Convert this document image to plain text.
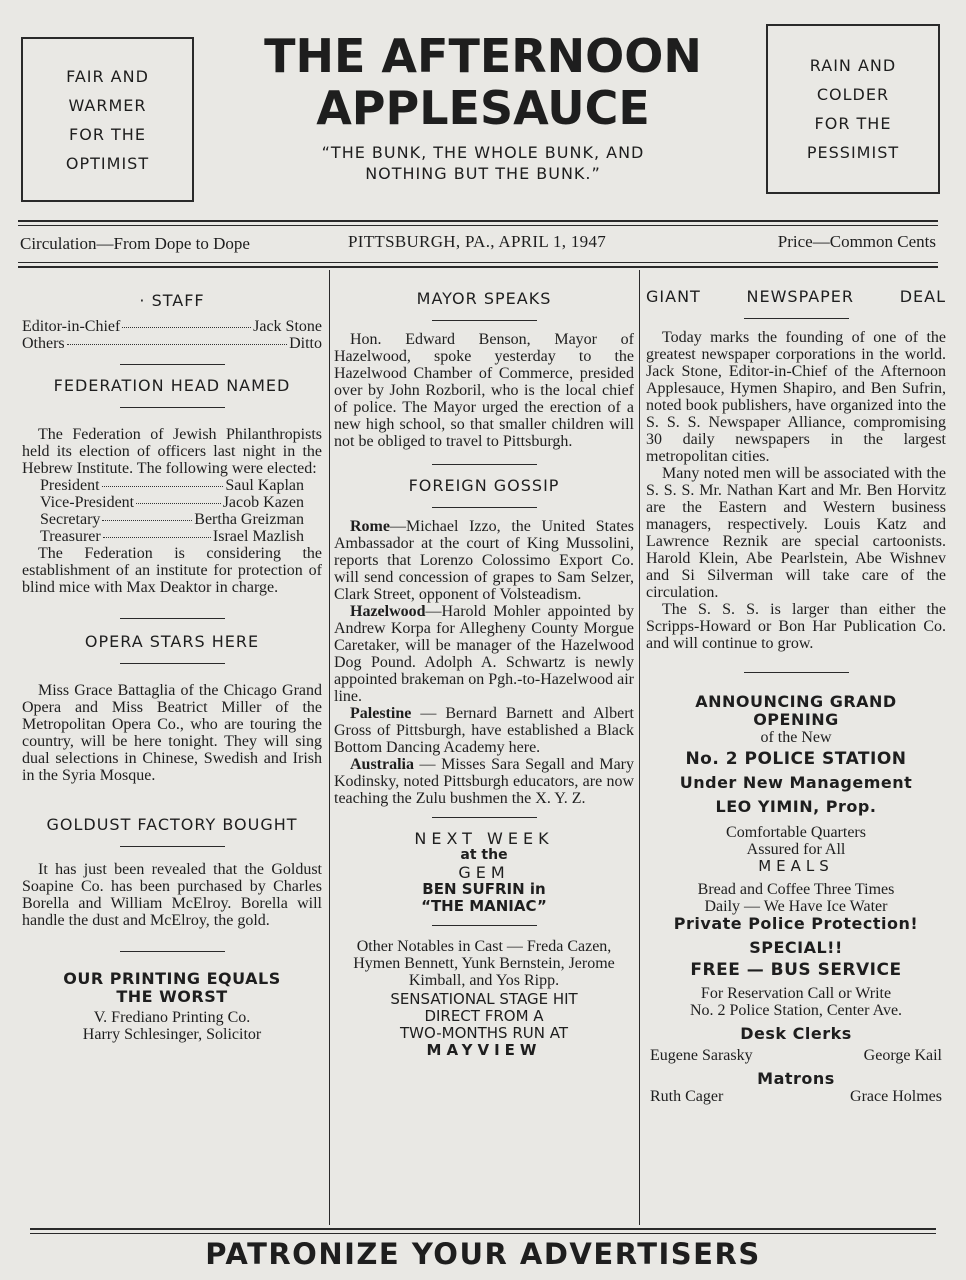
FAIR AND
WARMER
FOR THE
OPTIMIST
RAIN AND
COLDER
FOR THE
PESSIMIST
THE AFTERNOON
APPLESAUCE
“THE BUNK, THE WHOLE BUNK, AND
NOTHING BUT THE BUNK.”
Circulation—From Dope to Dope	PITTSBURGH, PA., APRIL 1, 1947	Price—Common Cents
· STAFF
Editor-in-Chief	Jack Stone
Others	Ditto
FEDERATION HEAD NAMED

The Federation of Jewish Philanthropists held its election of officers last night in the Hebrew Institute. The following were elected:

President	Saul Kaplan
Vice-President	Jacob Kazen
Secretary	Bertha Greizman
Treasurer	Israel Mazlish

The Federation is considering the establishment of an institute for protection of blind mice with Max Deaktor in charge.

OPERA STARS HERE

Miss Grace Battaglia of the Chicago Grand Opera and Miss Beatrict Miller of the Metropolitan Opera Co., who are touring the country, will be here tonight. They will sing dual selections in Chinese, Swedish and Irish in the Syria Mosque.

GOLDUST FACTORY BOUGHT

It has just been revealed that the Goldust Soapine Co. has been purchased by Charles Borella and William McElroy. Borella will handle the dust and McElroy, the gold.

OUR PRINTING EQUALS
THE WORST
V. Frediano Printing Co.
Harry Schlesinger, Solicitor
MAYOR SPEAKS

Hon. Edward Benson, Mayor of Hazelwood, spoke yesterday to the Hazelwood Chamber of Commerce, presided over by John Rozboril, who is the local chief of police. The Mayor urged the erection of a new high school, so that smaller children will not be obliged to travel to Pittsburgh.

FOREIGN GOSSIP

Rome—Michael Izzo, the United States Ambassador at the court of King Mussolini, reports that Lorenzo Colossimo Export Co. will send concession of grapes to Sam Selzer, Clark Street, opponent of Volsteadism.

Hazelwood—Harold Mohler appointed by Andrew Korpa for Allegheny County Morgue Caretaker, will be manager of the Hazelwood Dog Pound. Adolph A. Schwartz is newly appointed brakeman on Pgh.-to-Hazelwood air line.

Palestine — Bernard Barnett and Albert Gross of Pittsburgh, have established a Black Bottom Dancing Academy here.

Australia — Misses Sara Segall and Mary Kodinsky, noted Pittsburgh educators, are now teaching the Zulu bushmen the X. Y. Z.

NEXT WEEK
at the
GEM
BEN SUFRIN in
“THE MANIAC”
Other Notables in Cast — Freda Cazen, Hymen Bennett, Yunk Bernstein, Jerome Kimball, and Yos Ripp.
SENSATIONAL STAGE HIT
DIRECT FROM A
TWO-MONTHS RUN AT
MAYVIEW
GIANT NEWSPAPER DEAL

Today marks the founding of one of the greatest newspaper corporations in the world. Jack Stone, Editor-in-Chief of the Afternoon Applesauce, Hymen Shapiro, and Ben Sufrin, noted book publishers, have organized into the S. S. S. Newspaper Alliance, compromising 30 daily newspapers in the largest metropolitan cities.

Many noted men will be associated with the S. S. S. Mr. Nathan Kart and Mr. Ben Horvitz are the Eastern and Western business managers, respectively. Louis Katz and Lawrence Reznik are special cartoonists. Harold Klein, Abe Pearlstein, Abe Wishnev and Si Silverman will take care of the circulation.

The S. S. S. is larger than either the Scripps-Howard or Bon Har Publication Co. and will continue to grow.

ANNOUNCING GRAND
OPENING
of the New
No. 2 POLICE STATION
Under New Management
LEO YIMIN, Prop.
Comfortable Quarters
Assured for All
MEALS
Bread and Coffee Three Times
Daily — We Have Ice Water
Private Police Protection!
SPECIAL!!
FREE — BUS SERVICE
For Reservation Call or Write
No. 2 Police Station, Center Ave.
Desk Clerks
Eugene Sarasky	George Kail
Matrons
Ruth Cager	Grace Holmes
PATRONIZE YOUR ADVERTISERS
